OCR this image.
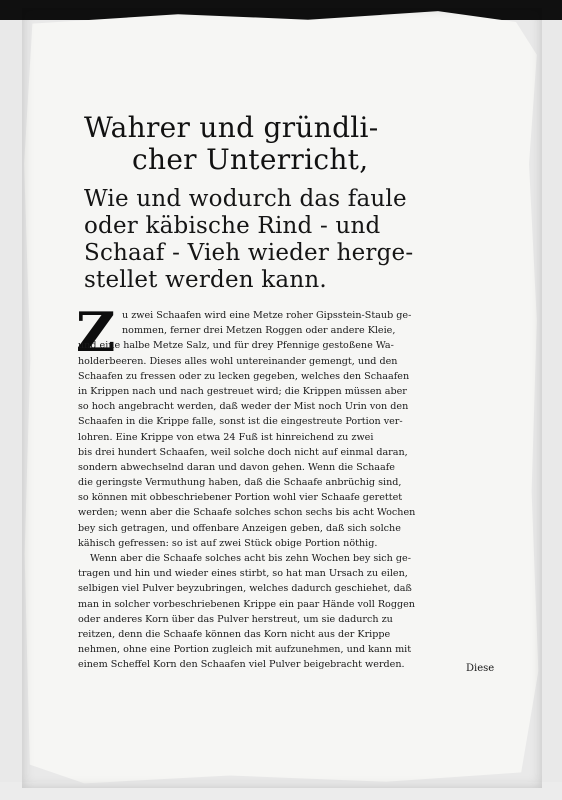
Wahrer und gründli-
cher Unterricht,
Wie und wodurch das faule
oder käbische Rind - und
Schaaf - Vieh wieder herge-
stellet werden kann.
Z u zwei Schaafen wird eine Metze roher Gipsstein-Staub ge-
nommen, ferner drei Metzen Roggen oder andere Kleie,
und eine halbe Metze Salz, und für drey Pfennige gestoßene Wa-
holderbeeren. Dieses alles wohl untereinander gemengt, und den
Schaafen zu fressen oder zu lecken gegeben, welches den Schaafen
in Krippen nach und nach gestreuet wird; die Krippen müssen aber
so hoch angebracht werden, daß weder der Mist noch Urin von den
Schaafen in die Krippe falle, sonst ist die eingestreute Portion ver-
lohren. Eine Krippe von etwa 24 Fuß ist hinreichend zu zwei
bis drei hundert Schaafen, weil solche doch nicht auf einmal daran,
sondern abwechselnd daran und davon gehen. Wenn die Schaafe
die geringste Vermuthung haben, daß die Schaafe anbrüchig sind,
so können mit obbeschriebener Portion wohl vier Schaafe gerettet
werden; wenn aber die Schaafe solches schon sechs bis acht Wochen
bey sich getragen, und offenbare Anzeigen geben, daß sich solche
kähisch gefressen: so ist auf zwei Stück obige Portion nöthig.
Wenn aber die Schaafe solches acht bis zehn Wochen bey sich ge-
tragen und hin und wieder eines stirbt, so hat man Ursach zu eilen,
selbigen viel Pulver beyzubringen, welches dadurch geschiehet, daß
man in solcher vorbeschriebenen Krippe ein paar Hände voll Roggen
oder anderes Korn über das Pulver herstreut, um sie dadurch zu
reitzen, denn die Schaafe können das Korn nicht aus der Krippe
nehmen, ohne eine Portion zugleich mit aufzunehmen, und kann mit
einem Scheffel Korn den Schaafen viel Pulver beigebracht werden.	Diese
